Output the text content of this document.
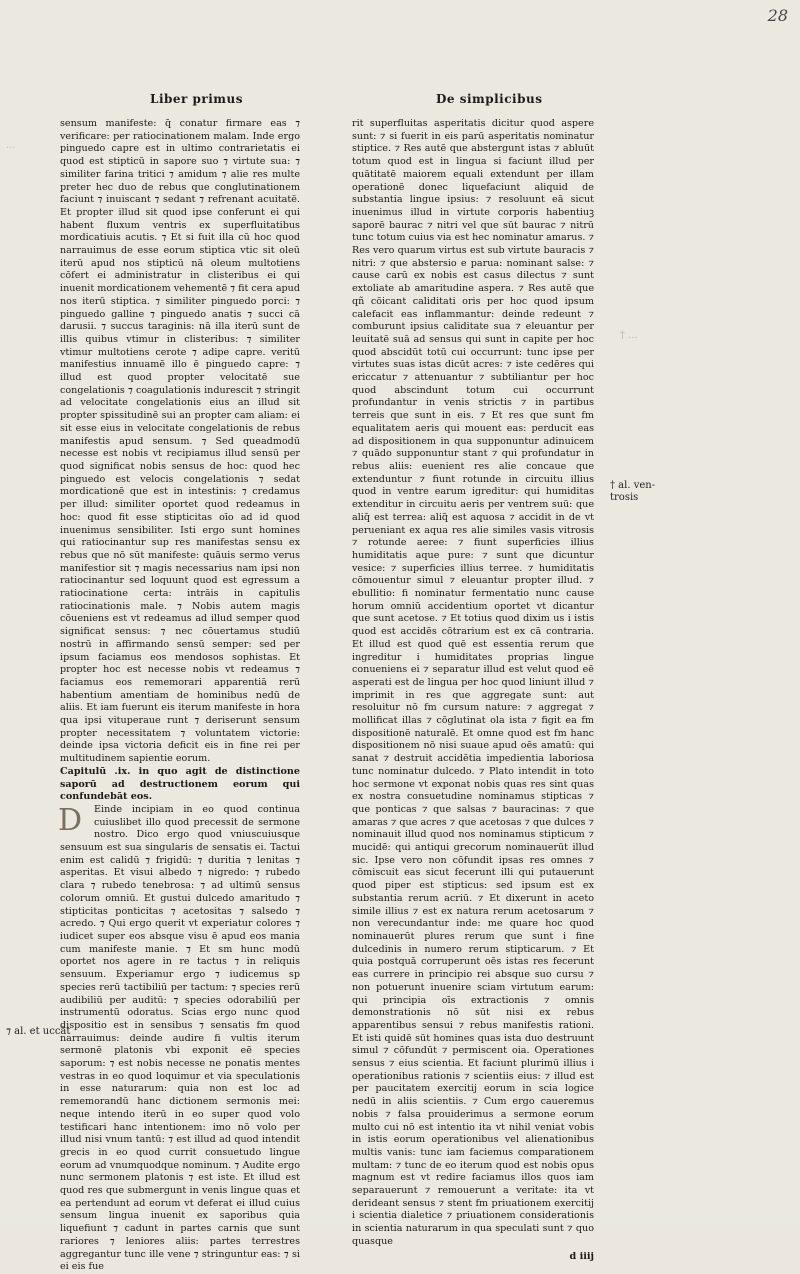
28
Liber primus	De simplicibus

sensum manifeste: q̄ conatur firmare eas ⁊ verificare: per ratiocinationem malam. Inde ergo pinguedo capre est in ultimo contrarietatis ei quod est stipticū in sapore suo ⁊ virtute sua: ⁊ similiter farina tritici ⁊ amidum ⁊ alie res multe preter hec duo de rebus que conglutinationem faciunt ⁊ inuiscant ⁊ sedant ⁊ refrenant acuitatē. Et propter illud sit quod ipse conferunt ei qui habent fluxum ventris ex superfluitatibus mordicatiuis acutis. ⁊ Et si fuit illa cū hoc quod narrauimus de esse eorum stiptica vtic sit oleū iterū apud nos stipticū nā oleum multotiens cōfert ei administratur in clisteribus ei qui inuenit mordicationem vehementē ⁊ fit cera apud nos iterū stiptica. ⁊ similiter pinguedo porci: ⁊ pinguedo galline ⁊ pinguedo anatis ⁊ succi cā darusii. ⁊ succus taraginis: nā illa iterū sunt de illis quibus vtimur in clisteribus: ⁊ similiter vtimur multotiens cerote ⁊ adipe capre. veritū manifestius innuamē illo ē pinguedo capre: ⁊ illud est quod propter velocitatē sue congelationis ⁊ coagulationis indurescit ⁊ stringit ad velocitate congelationis eius an illud sit propter spissitudinē sui an propter cam aliam: ei sit esse eius in velocitate congelationis de rebus manifestis apud sensum. ⁊ Sed queadmodū necesse est nobis vt recipiamus illud sensū per quod significat nobis sensus de hoc: quod hec pinguedo est velocis congelationis ⁊ sedat mordicationē que est in intestinis: ⁊ credamus per illud: similiter oportet quod redeamus in hoc: quod fit esse stipticitas oīo ad id quod inuenimus sensibiliter. Isti ergo sunt homines qui ratiocinantur sup res manifestas sensu ex rebus que nō sūt manifeste: quāuis sermo verus manifestior sit ⁊ magis necessarius nam ipsi non ratiocinantur sed loquunt quod est egressum a ratiocinatione certa: intrāis in capitulis ratiocinationis male. ⁊ Nobis autem magis cōueniens est vt redeamus ad illud semper quod significat sensus: ⁊ nec cōuertamus studiū nostrū in affirmando sensū semper: sed per ipsum faciamus eos mendosos sophistas. Et propter hoc est necesse nobis vt redeamus ⁊ faciamus eos rememorari apparentiā rerū habentium amentiam de hominibus nedū de aliis. Et iam fuerunt eis iterum manifeste in hora qua ipsi vituperaue runt ⁊ deriserunt sensum propter necessitatem ⁊ voluntatem victorie: deinde ipsa victoria deficit eis in fine rei per multitudinem sapientie eorum.

Capitulū .ix. in quo agit de distinctione saporū ad destructionem eorum qui confundebāt eos.

D	Einde incipiam in eo quod continua cuiuslibet illo quod precessit de sermone nostro. Dico ergo quod vniuscuiusque sensuum est sua singularis de sensatis ei. Tactui enim est calidū ⁊ frigidū: ⁊ duritia ⁊ lenitas ⁊ asperitas. Et visui albedo ⁊ nigredo: ⁊ rubedo clara ⁊ rubedo tenebrosa: ⁊ ad ultimū sensus colorum omniū. Et gustui dulcedo amaritudo ⁊ stipticitas ponticitas ⁊ acetositas ⁊ salsedo ⁊ acredo. ⁊ Qui ergo querit vt experiatur colores ⁊ iudicet super eos absque visu ē apud eos mania cum manifeste manie. ⁊ Et sm hunc modū oportet nos agere in re tactus ⁊ in reliquis sensuum. Experiamur ergo ⁊ iudicemus sp species rerū tactibiliū per tactum: ⁊ species rerū audibiliū per auditū: ⁊ species odorabiliū per instrumentū odoratus. Scias ergo nunc quod dispositio est in sensibus ⁊ sensatis fm quod narrauimus: deinde audire fi vultis iterum sermonē platonis vbi exponit eē species saporum: ⁊ est nobis necesse ne ponatis mentes vestras in eo quod loquimur et via speculationis in esse naturarum: quia non est loc ad rememorandū hanc dictionem sermonis mei: neque intendo iterū in eo super quod volo testificari hanc intentionem: imo nō volo per illud nisi vnum tantū: ⁊ est illud ad quod intendit grecis in eo quod currit consuetudo lingue eorum ad vnumquodque nominum. ⁊ Audite ergo nunc sermonem platonis ⁊ est iste. Et illud est quod res que submergunt in venis lingue quas et ea pertendunt ad eorum vt deferat ei illud cuius sensum lingua inuenit ex saporibus quia liquefiunt ⁊ cadunt in partes carnis que sunt rariores ⁊ leniores aliis: partes terrestres aggregantur tunc ille vene ⁊ stringuntur eas: ⁊ si ei eis fue

rit superfluitas asperitatis dicitur quod aspere sunt: ⁊ si fuerit in eis parū asperitatis nominatur stiptice. ⁊ Res autē que abstergunt istas ⁊ abluūt totum quod est in lingua si faciunt illud per quātitatē maiorem equali extendunt per illam operationē donec liquefaciunt aliquid de substantia lingue ipsius: ⁊ resoluunt eā sicut inuenimus illud in virtute corporis habentiuꝫ saporē baurac ⁊ nitri vel que sūt baurac ⁊ nitrū tunc totum cuius via est hec nominatur amarus. ⁊ Res vero quarum virtus est sub virtute bauracis ⁊ nitri: ⁊ que abstersio e parua: nominant salse: ⁊ cause carū ex nobis est casus dilectus ⁊ sunt extoliate ab amaritudine aspera. ⁊ Res autē que qñ cōicant caliditati oris per hoc quod ipsum calefacit eas inflammantur: deinde redeunt ⁊ comburunt ipsius caliditate sua ⁊ eleuantur per leuitatē suā ad sensus qui sunt in capite per hoc quod abscidūt totū cui occurrunt: tunc ipse per virtutes suas istas dicūt acres: ⁊ iste cedēres qui ericcatur ⁊ attenuantur ⁊ subtiliantur per hoc quod abscindunt totum cui occurrunt profundantur in venis strictis ⁊ in partibus terreis que sunt in eis. ⁊ Et res que sunt fm equalitatem aeris qui mouent eas: perducit eas ad dispositionem in qua supponuntur adinuicem ⁊ quādo supponuntur stant ⁊ qui profundatur in rebus aliis: euenient res alie concaue que extenduntur ⁊ fiunt rotunde in circuitu illius quod in ventre earum igreditur: qui humiditas extenditur in circuitu aeris per ventrem suū: que aliq̄ est terrea: aliq̄ est aquosa ⁊ accidit in de vt perueniant ex aqua res alie similes vasis vitrosis ⁊ rotunde aeree: ⁊ fiunt superficies illius humiditatis aque pure: ⁊ sunt que dicuntur vesice: ⁊ superficies illius terree. ⁊ humiditatis cōmouentur simul ⁊ eleuantur propter illud. ⁊ ebullitio: fi nominatur fermentatio nunc cause horum omniū accidentium oportet vt dicantur que sunt acetose. ⁊ Et totius quod dixim us i istis quod est accidēs cōtrarium est ex cā contraria. Et illud est quod quē est essentia rerum que ingreditur i humiditates proprias lingue conueniens ei ⁊ separatur illud est velut quod eē asperati est de lingua per hoc quod liniunt illud ⁊ imprimit in res que aggregate sunt: aut resoluitur nō fm cursum nature: ⁊ aggregat ⁊ mollificat illas ⁊ cōglutinat ola ista ⁊ figit ea fm dispositionē naturalē. Et omne quod est fm hanc dispositionem nō nisi suaue apud oēs amatū: qui sanat ⁊ destruit accidētia impedientia laboriosa tunc nominatur dulcedo. ⁊ Plato intendit in toto hoc sermone vt exponat nobis quas res sint quas ex nostra consuetudine nominamus stipticas ⁊ que ponticas ⁊ que salsas ⁊ bauracinas: ⁊ que amaras ⁊ que acres ⁊ que acetosas ⁊ que dulces ⁊ nominauit illud quod nos nominamus stipticum ⁊ mucidē: qui antiqui grecorum nominauerūt illud sic. Ipse vero non cōfundit ipsas res omnes ⁊ cōmiscuit eas sicut fecerunt illi qui putauerunt quod piper est stipticus: sed ipsum est ex substantia rerum acriū. ⁊ Et dixerunt in aceto simile illius ⁊ est ex natura rerum acetosarum ⁊ non verecundantur inde: me quare hoc quod nominauerūt plures rerum que sunt i fine dulcedinis in numero rerum stipticarum. ⁊ Et quia postquā corruperunt oēs istas res fecerunt eas currere in principio rei absque suo cursu ⁊ non potuerunt inuenire sciam virtutum earum: qui principia oīs extractionis ⁊ omnis demonstrationis nō sūt nisi ex rebus apparentibus sensui ⁊ rebus manifestis rationi. Et isti quidē sūt homines quas ista duo destruunt simul ⁊ cōfundūt ⁊ permiscent oia. Operationes sensus ⁊ eius scientia. Et faciunt plurimū illius i operationibus rationis ⁊ scientiis eius: ⁊ illud est per paucitatem exercitij eorum in scia logice nedū in aliis scientiis. ⁊ Cum ergo caueremus nobis ⁊ falsa prouiderimus a sermone eorum multo cui nō est intentio ita vt nihil veniat vobis in istis eorum operationibus vel alienationibus multis vanis: tunc iam faciemus comparationem multam: ⁊ tunc de eo iterum quod est nobis opus magnum est vt redire faciamus illos quos iam separauerunt ⁊ remouerunt a veritate: ita vt derideant sensus ⁊ stent fm priuationem exercitij i scientia dialetice ⁊ priuationem considerationis in scientia naturarum in qua speculati sunt ⁊ quo quasque

d iiij
⁊ al. et uccāt
† al. ven- trosis
† ...
...
